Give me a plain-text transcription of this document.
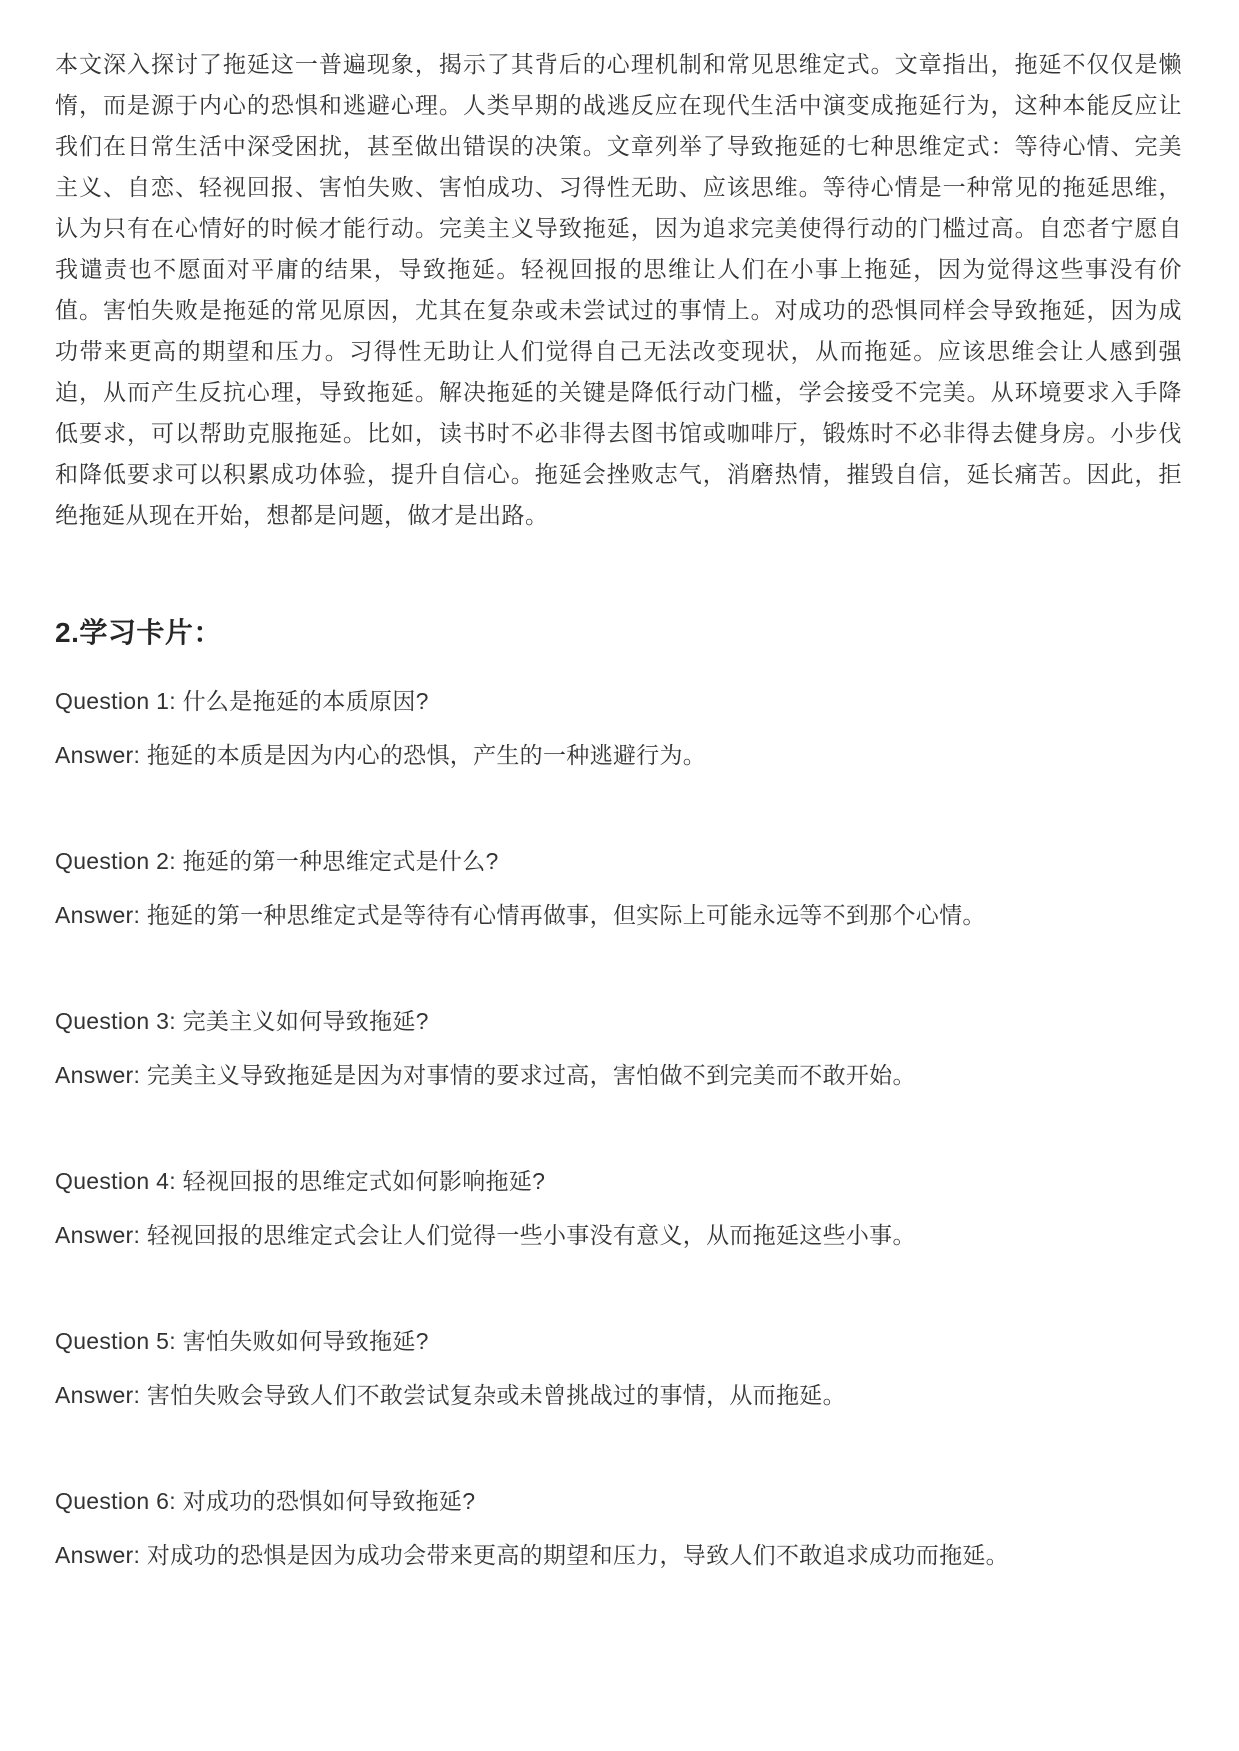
本文深入探讨了拖延这一普遍现象，揭示了其背后的心理机制和常见思维定式。文章指出，拖延不仅仅是懒惰，而是源于内心的恐惧和逃避心理。人类早期的战逃反应在现代生活中演变成拖延行为，这种本能反应让我们在日常生活中深受困扰，甚至做出错误的决策。文章列举了导致拖延的七种思维定式：等待心情、完美主义、自恋、轻视回报、害怕失败、害怕成功、习得性无助、应该思维。等待心情是一种常见的拖延思维，认为只有在心情好的时候才能行动。完美主义导致拖延，因为追求完美使得行动的门槛过高。自恋者宁愿自我谴责也不愿面对平庸的结果，导致拖延。轻视回报的思维让人们在小事上拖延，因为觉得这些事没有价值。害怕失败是拖延的常见原因，尤其在复杂或未尝试过的事情上。对成功的恐惧同样会导致拖延，因为成功带来更高的期望和压力。习得性无助让人们觉得自己无法改变现状，从而拖延。应该思维会让人感到强迫，从而产生反抗心理，导致拖延。解决拖延的关键是降低行动门槛，学会接受不完美。从环境要求入手降低要求，可以帮助克服拖延。比如，读书时不必非得去图书馆或咖啡厅，锻炼时不必非得去健身房。小步伐和降低要求可以积累成功体验，提升自信心。拖延会挫败志气，消磨热情，摧毁自信，延长痛苦。因此，拒绝拖延从现在开始，想都是问题，做才是出路。

2.学习卡片：

Question 1: 什么是拖延的本质原因?

Answer: 拖延的本质是因为内心的恐惧，产生的一种逃避行为。

Question 2: 拖延的第一种思维定式是什么?

Answer: 拖延的第一种思维定式是等待有心情再做事，但实际上可能永远等不到那个心情。

Question 3: 完美主义如何导致拖延?

Answer: 完美主义导致拖延是因为对事情的要求过高，害怕做不到完美而不敢开始。

Question 4: 轻视回报的思维定式如何影响拖延?

Answer: 轻视回报的思维定式会让人们觉得一些小事没有意义，从而拖延这些小事。

Question 5: 害怕失败如何导致拖延?

Answer: 害怕失败会导致人们不敢尝试复杂或未曾挑战过的事情，从而拖延。

Question 6: 对成功的恐惧如何导致拖延?

Answer: 对成功的恐惧是因为成功会带来更高的期望和压力，导致人们不敢追求成功而拖延。
